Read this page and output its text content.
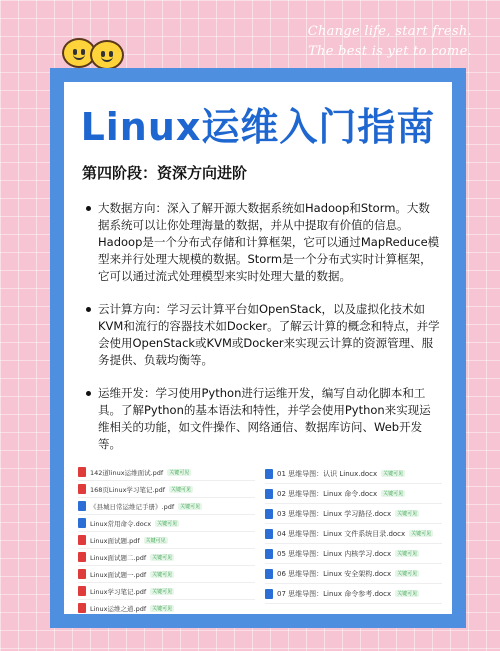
Change life, start fresh.
The best is yet to come.
Linux运维入门指南
第四阶段：资深方向进阶
大数据方向：深入了解开源大数据系统如Hadoop和Storm。大数据系统可以让你处理海量的数据，并从中提取有价值的信息。Hadoop是一个分布式存储和计算框架，它可以通过MapReduce模型来并行处理大规模的数据。Storm是一个分布式实时计算框架，它可以通过流式处理模型来实时处理大量的数据。
云计算方向：学习云计算平台如OpenStack，以及虚拟化技术如KVM和流行的容器技术如Docker。了解云计算的概念和特点，并学会使用OpenStack或KVM或Docker来实现云计算的资源管理、服务提供、负载均衡等。
运维开发：学习使用Python进行运维开发，编写自动化脚本和工具。了解Python的基本语法和特性，并学会使用Python来实现运维相关的功能，如文件操作、网络通信、数据库访问、Web开发等。
142道linux运维面试.pdf	关键可见
168页Linux学习笔记.pdf	关键可见
《县城日常运维记手册》.pdf	关键可见
Linux常用命令.docx	关键可见
Linux面试题.pdf	关键可见
Linux面试题二.pdf	关键可见
Linux面试题一.pdf	关键可见
Linux学习笔记.pdf	关键可见
Linux运维之道.pdf	关键可见
01 思维导图：认识 Linux.docx	关键可见
02 思维导图：Linux 命令.docx	关键可见
03 思维导图：Linux 学习路径.docx	关键可见
04 思维导图：Linux 文件系统目录.docx	关键可见
05 思维导图：Linux 内核学习.docx	关键可见
06 思维导图：Linux 安全架构.docx	关键可见
07 思维导图：Linux 命令参考.docx	关键可见
